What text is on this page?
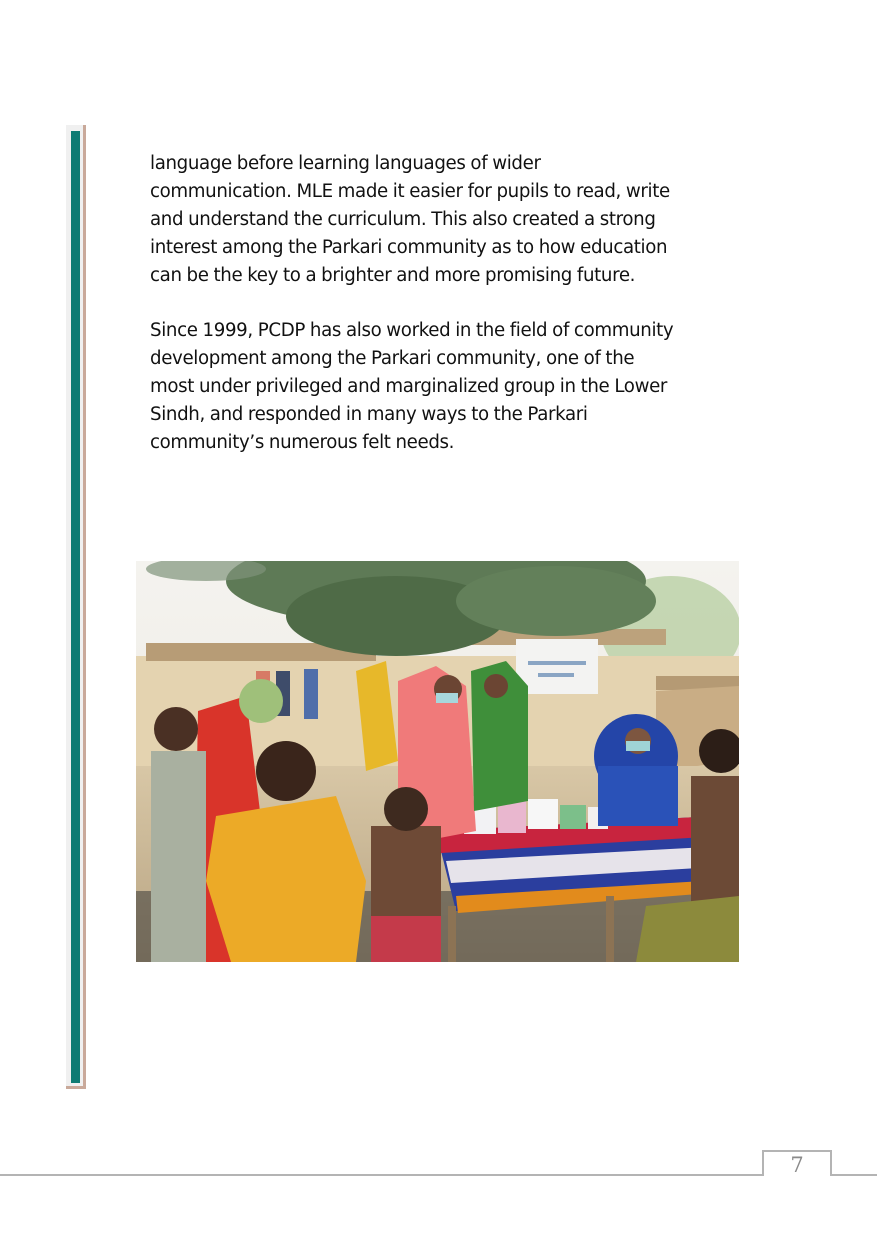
language before learning languages of wider
communication. MLE made it easier for pupils to read, write
and understand the curriculum. This also created a strong
interest among the Parkari community as to how education
can be the key to a brighter and more promising future.
Since 1999, PCDP has also worked in the field of community
development among the Parkari community, one of the
most under privileged and marginalized group in the Lower
Sindh, and responded in many ways to the Parkari
community’s numerous felt needs.
7
